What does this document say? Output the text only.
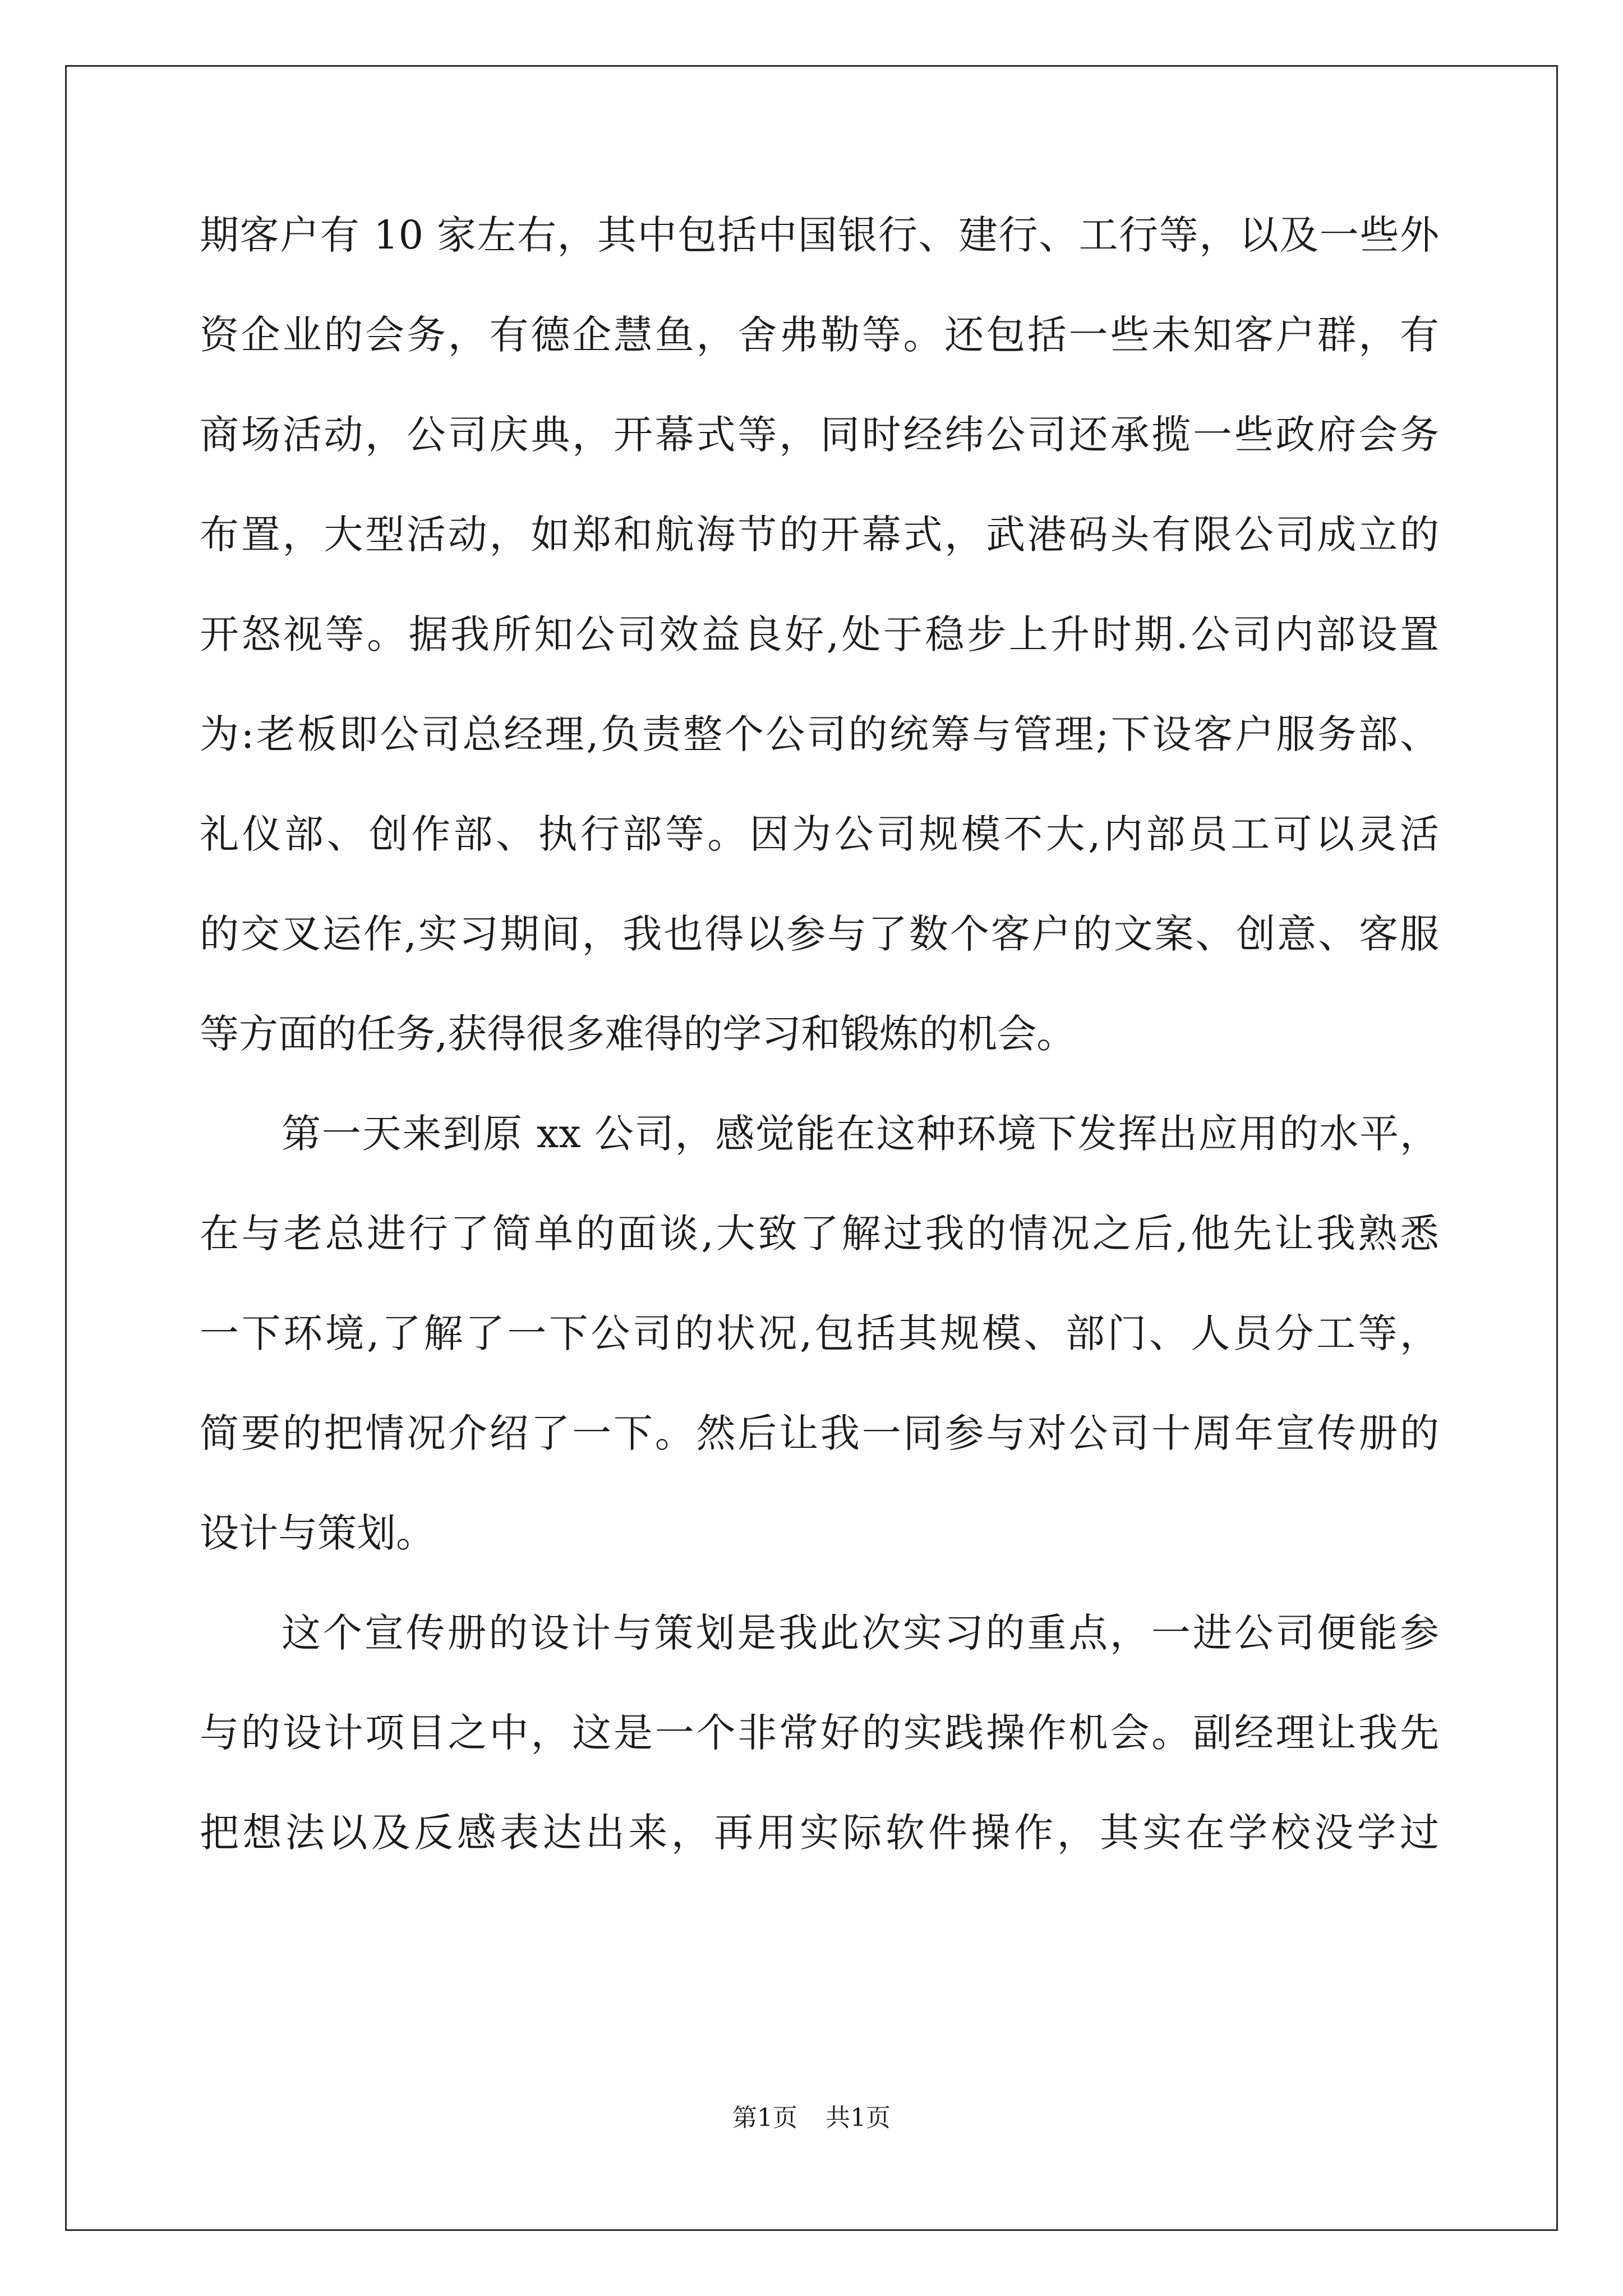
期客户有 10 家左右，其中包括中国银行、建行、工行等，以及一些外
资企业的会务，有德企慧鱼，舍弗勒等。还包括一些未知客户群，有
商场活动，公司庆典，开幕式等，同时经纬公司还承揽一些政府会务
布置，大型活动，如郑和航海节的开幕式，武港码头有限公司成立的
开怒视等。据我所知公司效益良好,处于稳步上升时期.公司内部设置
为:老板即公司总经理,负责整个公司的统筹与管理;下设客户服务部、
礼仪部、创作部、执行部等。因为公司规模不大,内部员工可以灵活
的交叉运作,实习期间，我也得以参与了数个客户的文案、创意、客服
等方面的任务,获得很多难得的学习和锻炼的机会。
第一天来到原 xx 公司，感觉能在这种环境下发挥出应用的水平，
在与老总进行了简单的面谈,大致了解过我的情况之后,他先让我熟悉
一下环境,了解了一下公司的状况,包括其规模、部门、人员分工等，
简要的把情况介绍了一下。然后让我一同参与对公司十周年宣传册的
设计与策划。
这个宣传册的设计与策划是我此次实习的重点，一进公司便能参
与的设计项目之中，这是一个非常好的实践操作机会。副经理让我先
把想法以及反感表达出来，再用实际软件操作，其实在学校没学过
第1页 共1页
